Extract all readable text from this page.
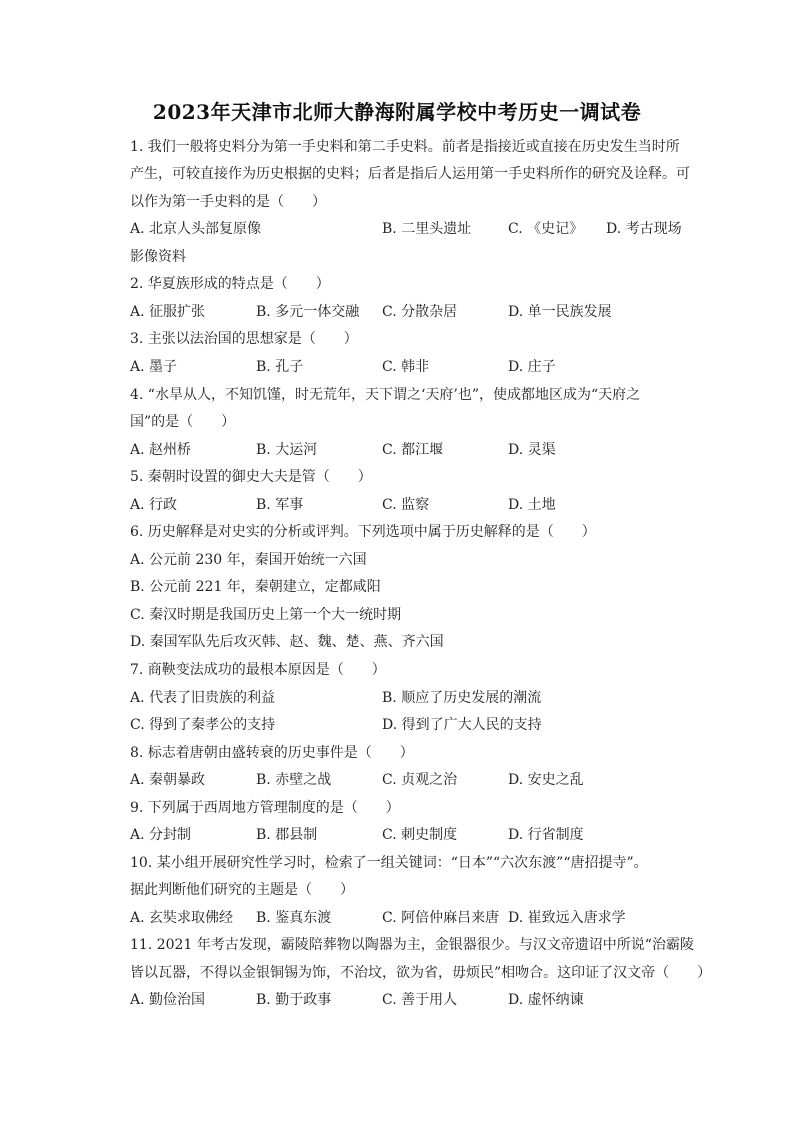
2023年天津市北师大静海附属学校中考历史一调试卷
1. 我们一般将史料分为第一手史料和第二手史料。前者是指接近或直接在历史发生当时所
产生，可较直接作为历史根据的史料；后者是指后人运用第一手史料所作的研究及诠释。可
以作为第一手史料的是（　　）
A. 北京人头部复原像	B. 二里头遗址	C. 《史记》 D. 考古现场
影像资料
2. 华夏族形成的特点是（　　）
A. 征服扩张	B. 多元一体交融 C. 分散杂居	D. 单一民族发展
3. 主张以法治国的思想家是（　　）
A. 墨子	B. 孔子	C. 韩非	D. 庄子
4. “水旱从人，不知饥馑，时无荒年，天下谓之‘天府’也”，使成都地区成为“天府之
国”的是（　　）
A. 赵州桥	B. 大运河	C. 都江堰	D. 灵渠
5. 秦朝时设置的御史大夫是管（　　）
A. 行政	B. 军事	C. 监察	D. 土地
6. 历史解释是对史实的分析或评判。下列选项中属于历史解释的是（　　）
A. 公元前 230 年，秦国开始统一六国
B. 公元前 221 年，秦朝建立，定都咸阳
C. 秦汉时期是我国历史上第一个大一统时期
D. 秦国军队先后攻灭韩、赵、魏、楚、燕、齐六国
7. 商鞅变法成功的最根本原因是（　　）
A. 代表了旧贵族的利益	B. 顺应了历史发展的潮流
C. 得到了秦孝公的支持	D. 得到了广大人民的支持
8. 标志着唐朝由盛转衰的历史事件是（　　）
A. 秦朝暴政	B. 赤壁之战	C. 贞观之治	D. 安史之乱
9. 下列属于西周地方管理制度的是（　　）
A. 分封制	B. 郡县制	C. 刺史制度	D. 行省制度
10. 某小组开展研究性学习时，检索了一组关键词：“日本”“六次东渡”“唐招提寺”。
据此判断他们研究的主题是（　　）
A. 玄奘求取佛经 B. 鉴真东渡	C. 阿倍仲麻吕来唐 D. 崔致远入唐求学
11. 2021 年考古发现，霸陵陪葬物以陶器为主，金银器很少。与汉文帝遗诏中所说“治霸陵
皆以瓦器，不得以金银铜锡为饰，不治坟，欲为省，毋烦民”相吻合。这印证了汉文帝（　　）
A. 勤俭治国	B. 勤于政事	C. 善于用人	D. 虚怀纳谏
